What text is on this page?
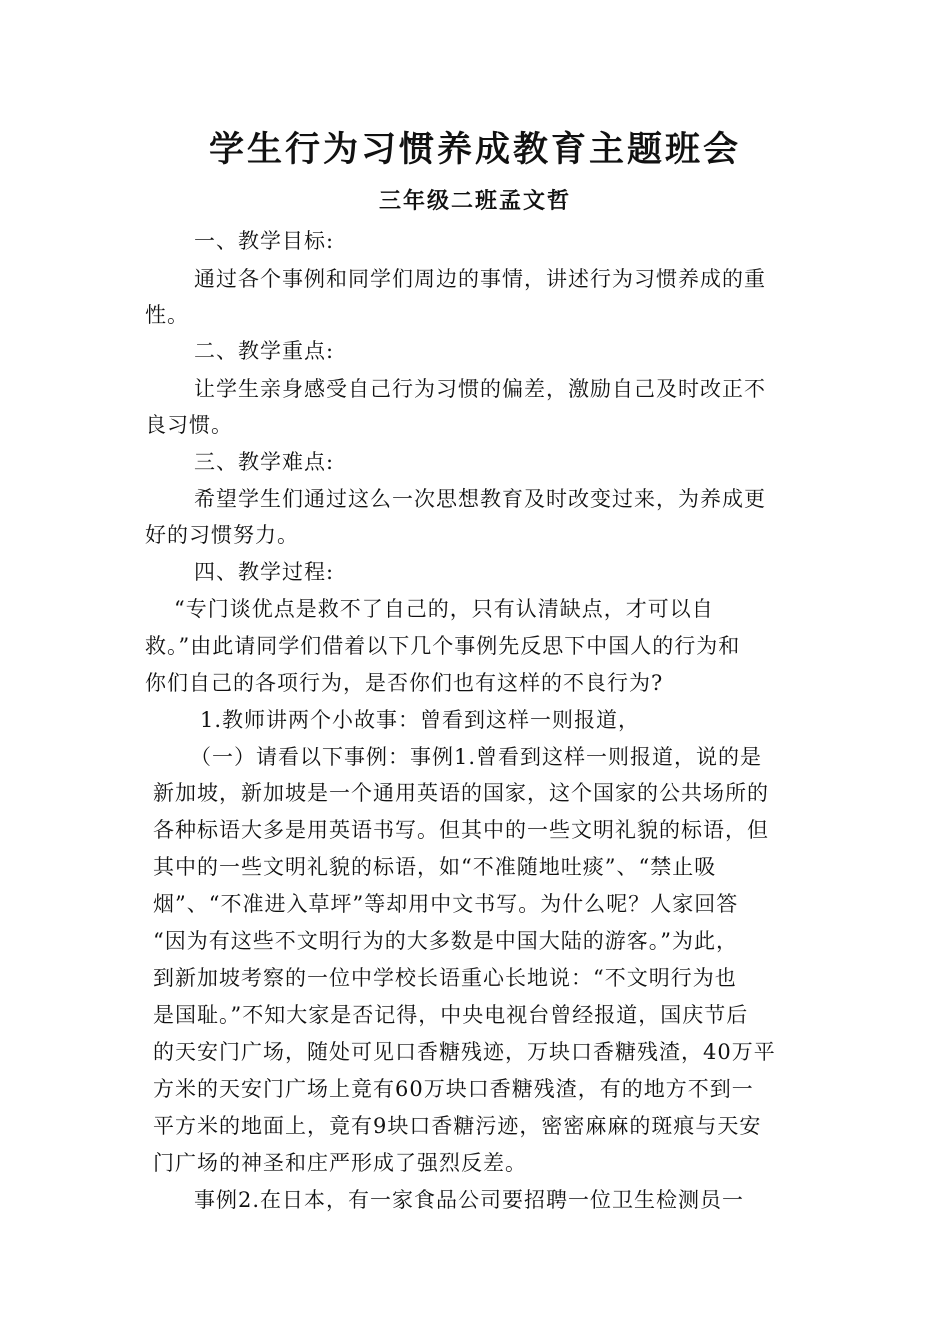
学生行为习惯养成教育主题班会
三年级二班孟文哲
一、教学目标:
通过各个事例和同学们周边的事情，讲述行为习惯养成的重
性。
二、教学重点:
让学生亲身感受自己行为习惯的偏差，激励自己及时改正不
良习惯。
三、教学难点:
希望学生们通过这么一次思想教育及时改变过来，为养成更
好的习惯努力。
四、教学过程:
“专门谈优点是救不了自己的，只有认清缺点，才可以自
救。”由此请同学们借着以下几个事例先反思下中国人的行为和
你们自己的各项行为，是否你们也有这样的不良行为?
1.教师讲两个小故事：曾看到这样一则报道，
（一）请看以下事例：事例1.曾看到这样一则报道，说的是
新加坡，新加坡是一个通用英语的国家，这个国家的公共场所的
各种标语大多是用英语书写。但其中的一些文明礼貌的标语，但
其中的一些文明礼貌的标语，如“不准随地吐痰”、“禁止吸
烟”、“不准进入草坪”等却用中文书写。为什么呢？人家回答
“因为有这些不文明行为的大多数是中国大陆的游客。”为此，
到新加坡考察的一位中学校长语重心长地说：“不文明行为也
是国耻。”不知大家是否记得，中央电视台曾经报道，国庆节后
的天安门广场，随处可见口香糖残迹，万块口香糖残渣，40万平
方米的天安门广场上竟有60万块口香糖残渣，有的地方不到一
平方米的地面上，竟有9块口香糖污迹，密密麻麻的斑痕与天安
门广场的神圣和庄严形成了强烈反差。
事例2.在日本，有一家食品公司要招聘一位卫生检测员一
